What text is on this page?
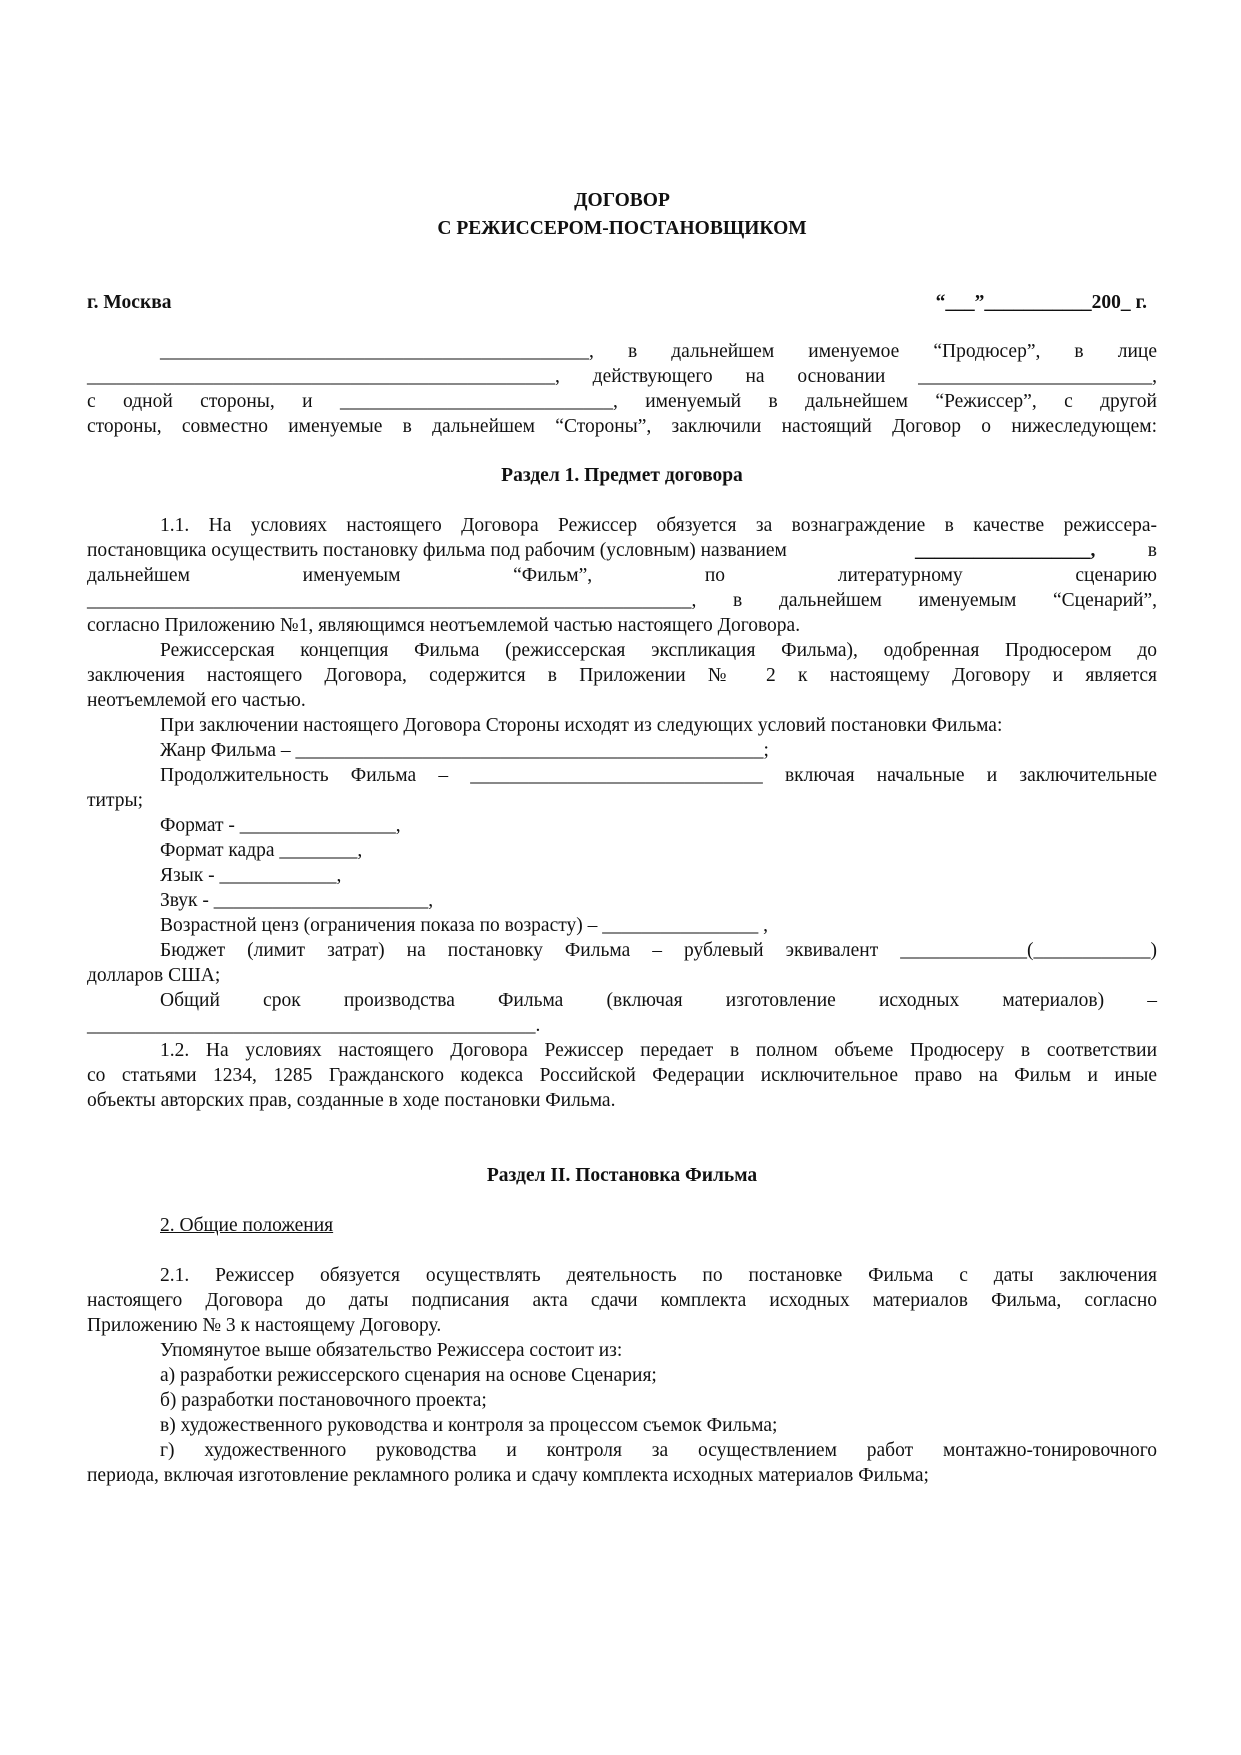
ДОГОВОР
С РЕЖИССЕРОМ-ПОСТАНОВЩИКОМ
г. Москва	“___”___________200_ г.
____________________________________________, в дальнейшем именуемое “Продюсер”, в лице
________________________________________________, действующего на основании ________________________,
с одной стороны, и ____________________________, именуемый в дальнейшем “Режиссер”, с другой
стороны, совместно именуемые в дальнейшем “Стороны”, заключили настоящий Договор о нижеследующем:
Раздел 1. Предмет договора
1.1. На условиях настоящего Договора Режиссер обязуется за вознаграждение в качестве режиссера-
постановщика осуществить постановку фильма под рабочим (условным) названием	__________________,	в
дальнейшем именуемым “Фильм”, по литературному сценарию
______________________________________________________________, в дальнейшем именуемым “Сценарий”,
согласно Приложению №1, являющимся неотъемлемой частью настоящего Договора.
Режиссерская концепция Фильма (режиссерская экспликация Фильма), одобренная Продюсером до
заключения настоящего Договора, содержится в Приложении № 2 к настоящему Договору и является
неотъемлемой его частью.
При заключении настоящего Договора Стороны исходят из следующих условий постановки Фильма:
Жанр Фильма – ________________________________________________;
Продолжительность Фильма – ______________________________ включая начальные и заключительные
титры;
Формат - ________________,
Формат кадра ________,
Язык - ____________,
Звук - ______________________,
Возрастной ценз (ограничения показа по возрасту) – ________________ ,
Бюджет (лимит затрат) на постановку Фильма – рублевый эквивалент _____________(____________)
долларов США;
Общий срок производства Фильма (включая изготовление исходных материалов) –
______________________________________________.
1.2. На условиях настоящего Договора Режиссер передает в полном объеме Продюсеру в соответствии
со статьями 1234, 1285 Гражданского кодекса Российской Федерации исключительное право на Фильм и иные
объекты авторских прав, созданные в ходе постановки Фильма.
Раздел II. Постановка Фильма
2. Общие положения
2.1. Режиссер обязуется осуществлять деятельность по постановке Фильма с даты заключения
настоящего Договора до даты подписания акта сдачи комплекта исходных материалов Фильма, согласно
Приложению № 3 к настоящему Договору.
Упомянутое выше обязательство Режиссера состоит из:
а) разработки режиссерского сценария на основе Сценария;
б) разработки постановочного проекта;
в) художественного руководства и контроля за процессом съемок Фильма;
г) художественного руководства и контроля за осуществлением работ монтажно-тонировочного
периода, включая изготовление рекламного ролика и сдачу комплекта исходных материалов Фильма;
